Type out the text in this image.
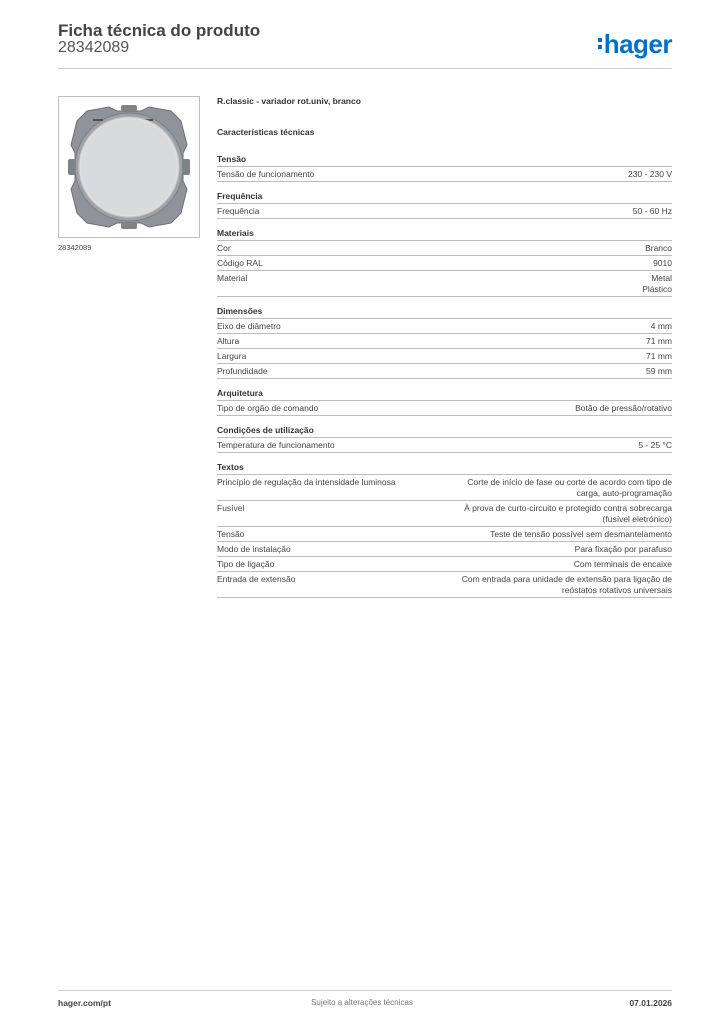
Ficha técnica do produto
28342089	hager
28342089
R.classic - variador rot.univ, branco
Características técnicas
Tensão
Tensão de funcionamento	230 - 230 V
Frequência
Frequência	50 - 60 Hz
Materiais
Cor	Branco
Código RAL	9010
Material	Metal
Plástico
Dimensões
Eixo de diâmetro	4 mm
Altura	71 mm
Largura	71 mm
Profundidade	59 mm
Arquitetura
Tipo de orgão de comando	Botão de pressão/rotativo
Condições de utilização
Temperatura de funcionamento	5 - 25 °C
Textos
Princípio de regulação da intensidade luminosa	Corte de início de fase ou corte de acordo com tipo de
carga, auto-programação
Fusível	À prova de curto-circuito e protegido contra sobrecarga
(fusível eletrónico)
Tensão	Teste de tensão possível sem desmantelamento
Modo de instalação	Para fixação por parafuso
Tipo de ligação	Com terminais de encaixe
Entrada de extensão	Com entrada para unidade de extensão para ligação de
reóstatos rotativos universais
hager.com/pt	Sujeito a alterações técnicas	07.01.2026
